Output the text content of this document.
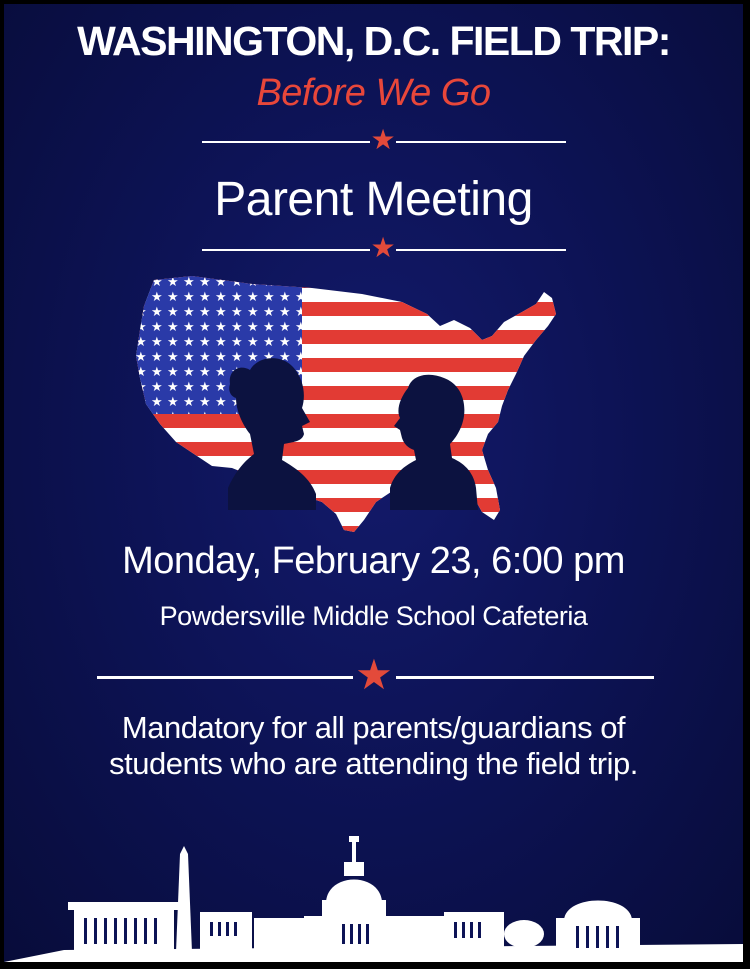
WASHINGTON, D.C. FIELD TRIP:
Before We Go
★
Parent Meeting
★
Monday, February 23, 6:00 pm
Powdersville Middle School Cafeteria
★
Mandatory for all parents/guardians of
students who are attending the field trip.
